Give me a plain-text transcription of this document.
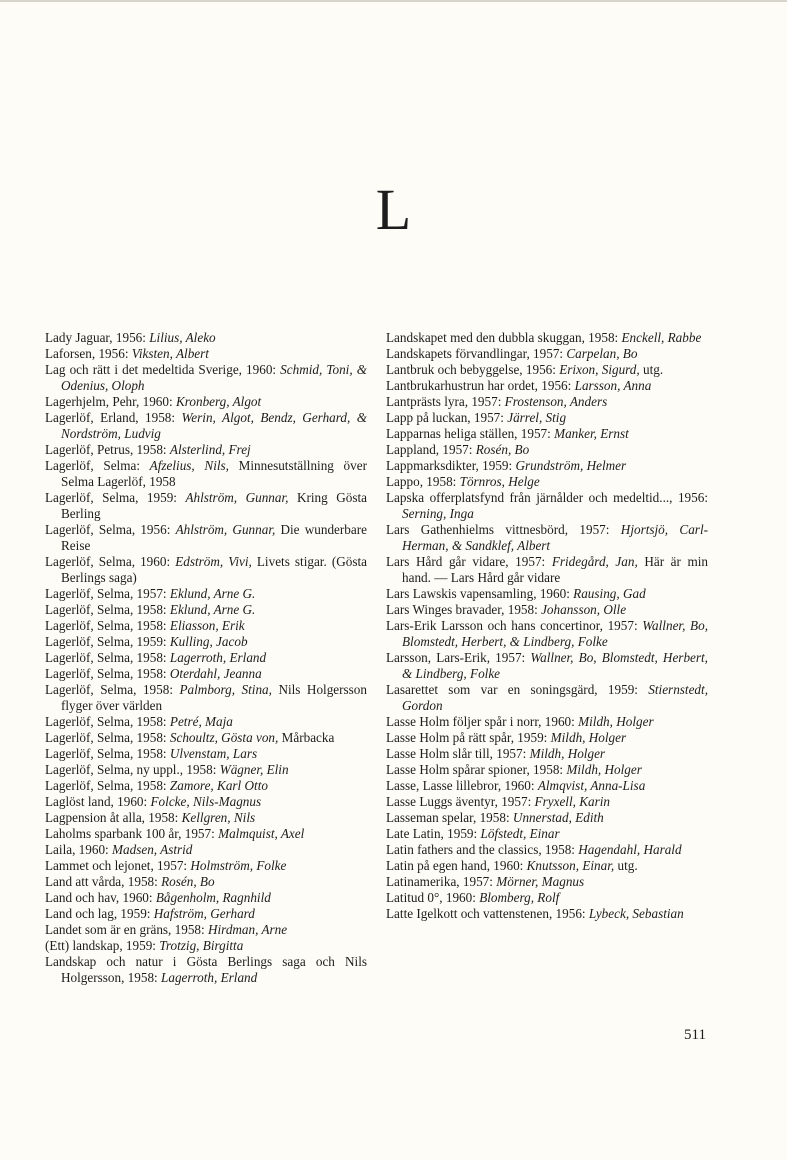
L

Lady Jaguar, 1956: Lilius, Aleko

Laforsen, 1956: Viksten, Albert

Lag och rätt i det medeltida Sverige, 1960: Schmid, Toni, & Odenius, Oloph

Lagerhjelm, Pehr, 1960: Kronberg, Algot

Lagerlöf, Erland, 1958: Werin, Algot, Bendz, Gerhard, & Nordström, Ludvig

Lagerlöf, Petrus, 1958: Alsterlind, Frej

Lagerlöf, Selma: Afzelius, Nils, Minnesutställning över Selma Lagerlöf, 1958

Lagerlöf, Selma, 1959: Ahlström, Gunnar, Kring Gösta Berling

Lagerlöf, Selma, 1956: Ahlström, Gunnar, Die wunderbare Reise

Lagerlöf, Selma, 1960: Edström, Vivi, Livets stigar. (Gösta Berlings saga)

Lagerlöf, Selma, 1957: Eklund, Arne G.

Lagerlöf, Selma, 1958: Eklund, Arne G.

Lagerlöf, Selma, 1958: Eliasson, Erik

Lagerlöf, Selma, 1959: Kulling, Jacob

Lagerlöf, Selma, 1958: Lagerroth, Erland

Lagerlöf, Selma, 1958: Oterdahl, Jeanna

Lagerlöf, Selma, 1958: Palmborg, Stina, Nils Holgersson flyger över världen

Lagerlöf, Selma, 1958: Petré, Maja

Lagerlöf, Selma, 1958: Schoultz, Gösta von, Mårbacka

Lagerlöf, Selma, 1958: Ulvenstam, Lars

Lagerlöf, Selma, ny uppl., 1958: Wägner, Elin

Lagerlöf, Selma, 1958: Zamore, Karl Otto

Laglöst land, 1960: Folcke, Nils-Magnus

Lagpension åt alla, 1958: Kellgren, Nils

Laholms sparbank 100 år, 1957: Malmquist, Axel

Laila, 1960: Madsen, Astrid

Lammet och lejonet, 1957: Holmström, Folke

Land att vårda, 1958: Rosén, Bo

Land och hav, 1960: Bågenholm, Ragnhild

Land och lag, 1959: Hafström, Gerhard

Landet som är en gräns, 1958: Hirdman, Arne

(Ett) landskap, 1959: Trotzig, Birgitta

Landskap och natur i Gösta Berlings saga och Nils Holgersson, 1958: Lagerroth, Erland

Landskapet med den dubbla skuggan, 1958: Enckell, Rabbe

Landskapets förvandlingar, 1957: Carpelan, Bo

Lantbruk och bebyggelse, 1956: Erixon, Sigurd, utg.

Lantbrukarhustrun har ordet, 1956: Larsson, Anna

Lantprästs lyra, 1957: Frostenson, Anders

Lapp på luckan, 1957: Järrel, Stig

Lapparnas heliga ställen, 1957: Manker, Ernst

Lappland, 1957: Rosén, Bo

Lappmarksdikter, 1959: Grundström, Helmer

Lappo, 1958: Törnros, Helge

Lapska offerplatsfynd från järnålder och medeltid..., 1956: Serning, Inga

Lars Gathenhielms vittnesbörd, 1957: Hjortsjö, Carl-Herman, & Sandklef, Albert

Lars Hård går vidare, 1957: Fridegård, Jan, Här är min hand. — Lars Hård går vidare

Lars Lawskis vapensamling, 1960: Rausing, Gad

Lars Winges bravader, 1958: Johansson, Olle

Lars-Erik Larsson och hans concertinor, 1957: Wallner, Bo, Blomstedt, Herbert, & Lindberg, Folke

Larsson, Lars-Erik, 1957: Wallner, Bo, Blomstedt, Herbert, & Lindberg, Folke

Lasarettet som var en soningsgärd, 1959: Stiernstedt, Gordon

Lasse Holm följer spår i norr, 1960: Mildh, Holger

Lasse Holm på rätt spår, 1959: Mildh, Holger

Lasse Holm slår till, 1957: Mildh, Holger

Lasse Holm spårar spioner, 1958: Mildh, Holger

Lasse, Lasse lillebror, 1960: Almqvist, Anna-Lisa

Lasse Luggs äventyr, 1957: Fryxell, Karin

Lasseman spelar, 1958: Unnerstad, Edith

Late Latin, 1959: Löfstedt, Einar

Latin fathers and the classics, 1958: Hagendahl, Harald

Latin på egen hand, 1960: Knutsson, Einar, utg.

Latinamerika, 1957: Mörner, Magnus

Latitud 0°, 1960: Blomberg, Rolf

Latte Igelkott och vattenstenen, 1956: Lybeck, Sebastian

511
